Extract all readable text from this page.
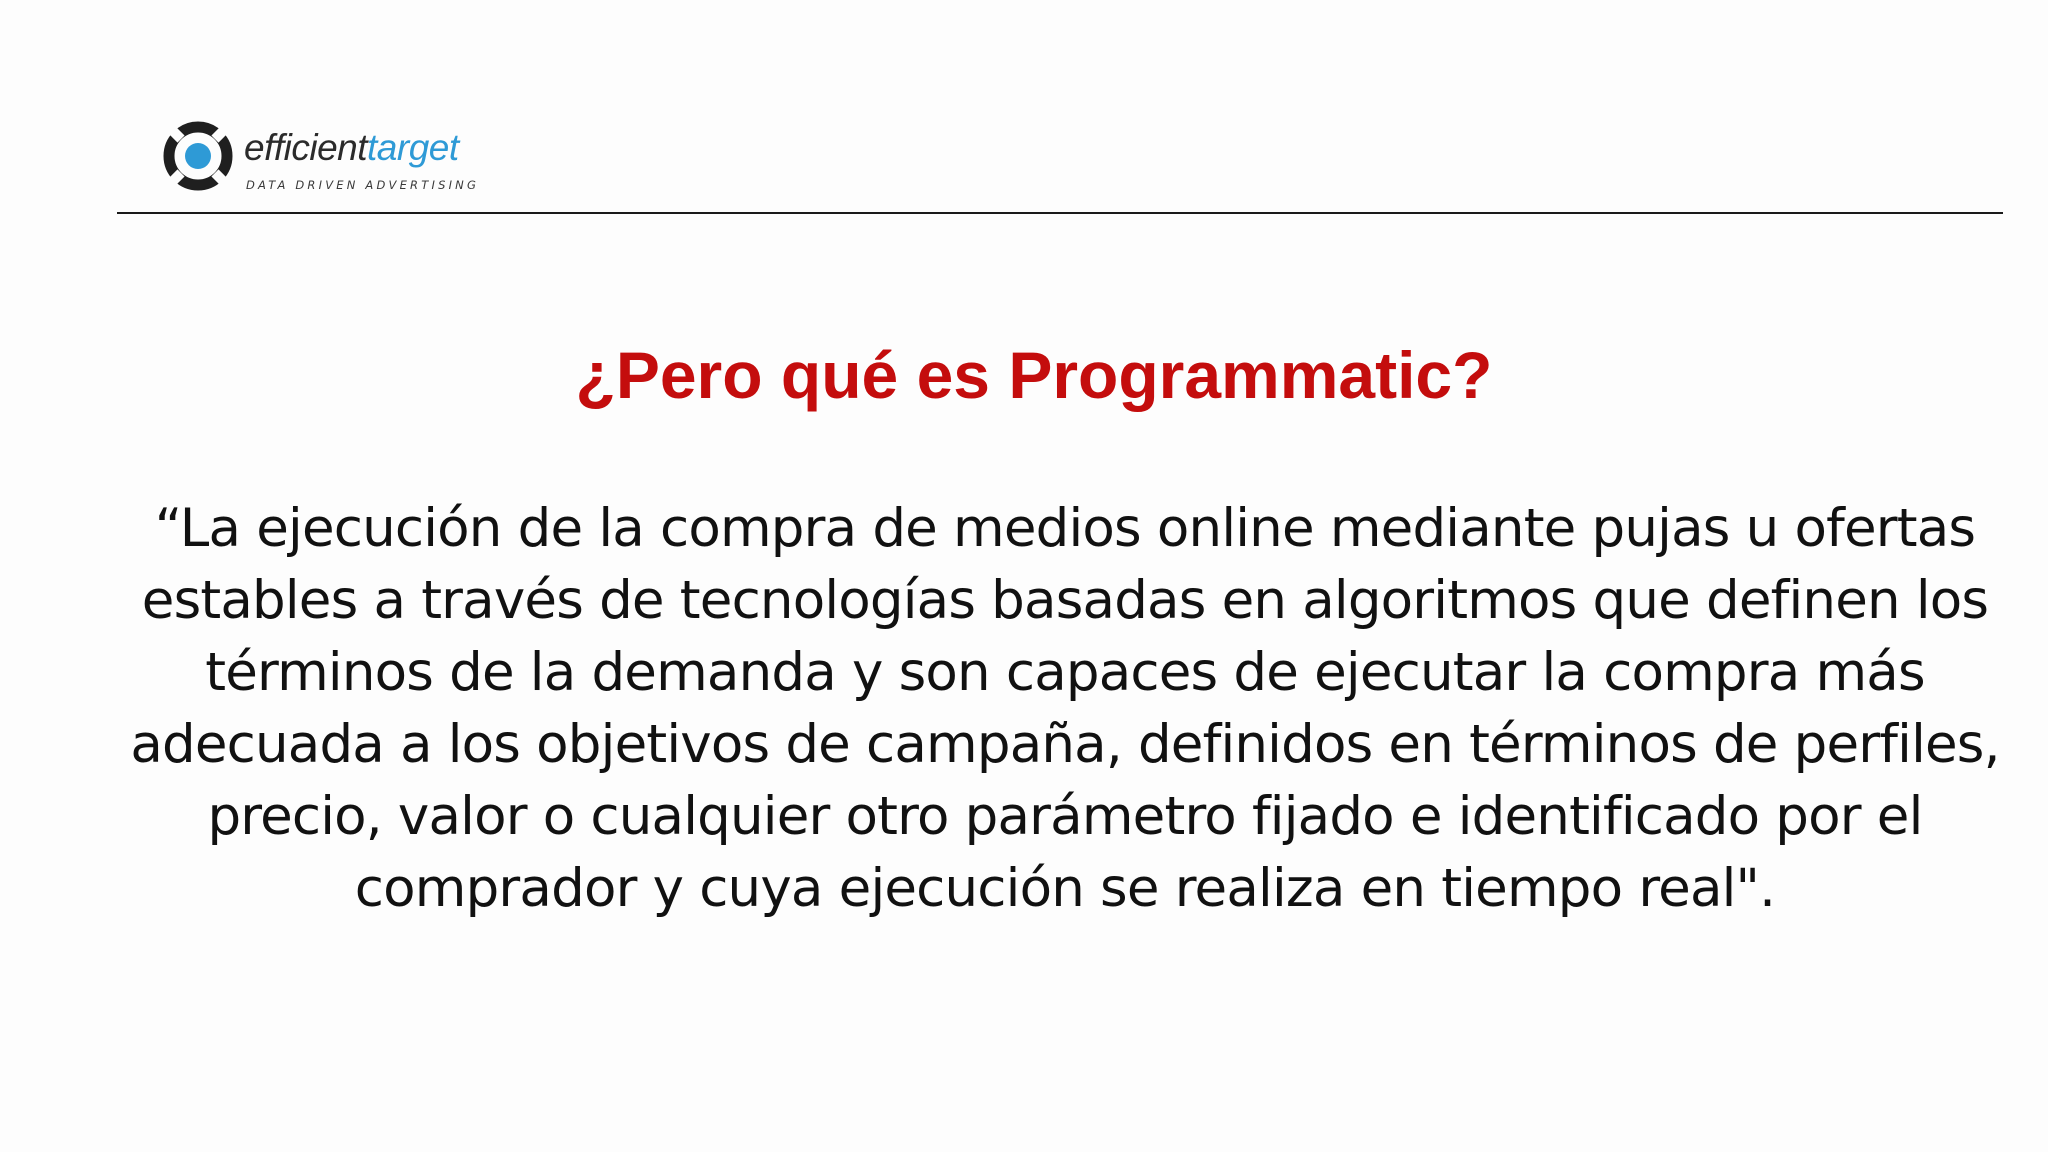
efficienttarget
DATA DRIVEN ADVERTISING
¿Pero qué es Programmatic?
“La ejecución de la compra de medios online mediante pujas u ofertas
estables a través de tecnologías basadas en algoritmos que definen los
términos de la demanda y son capaces de ejecutar la compra más
adecuada a los objetivos de campaña, definidos en términos de perfiles,
precio, valor o cualquier otro parámetro fijado e identificado por el
comprador y cuya ejecución se realiza en tiempo real".
